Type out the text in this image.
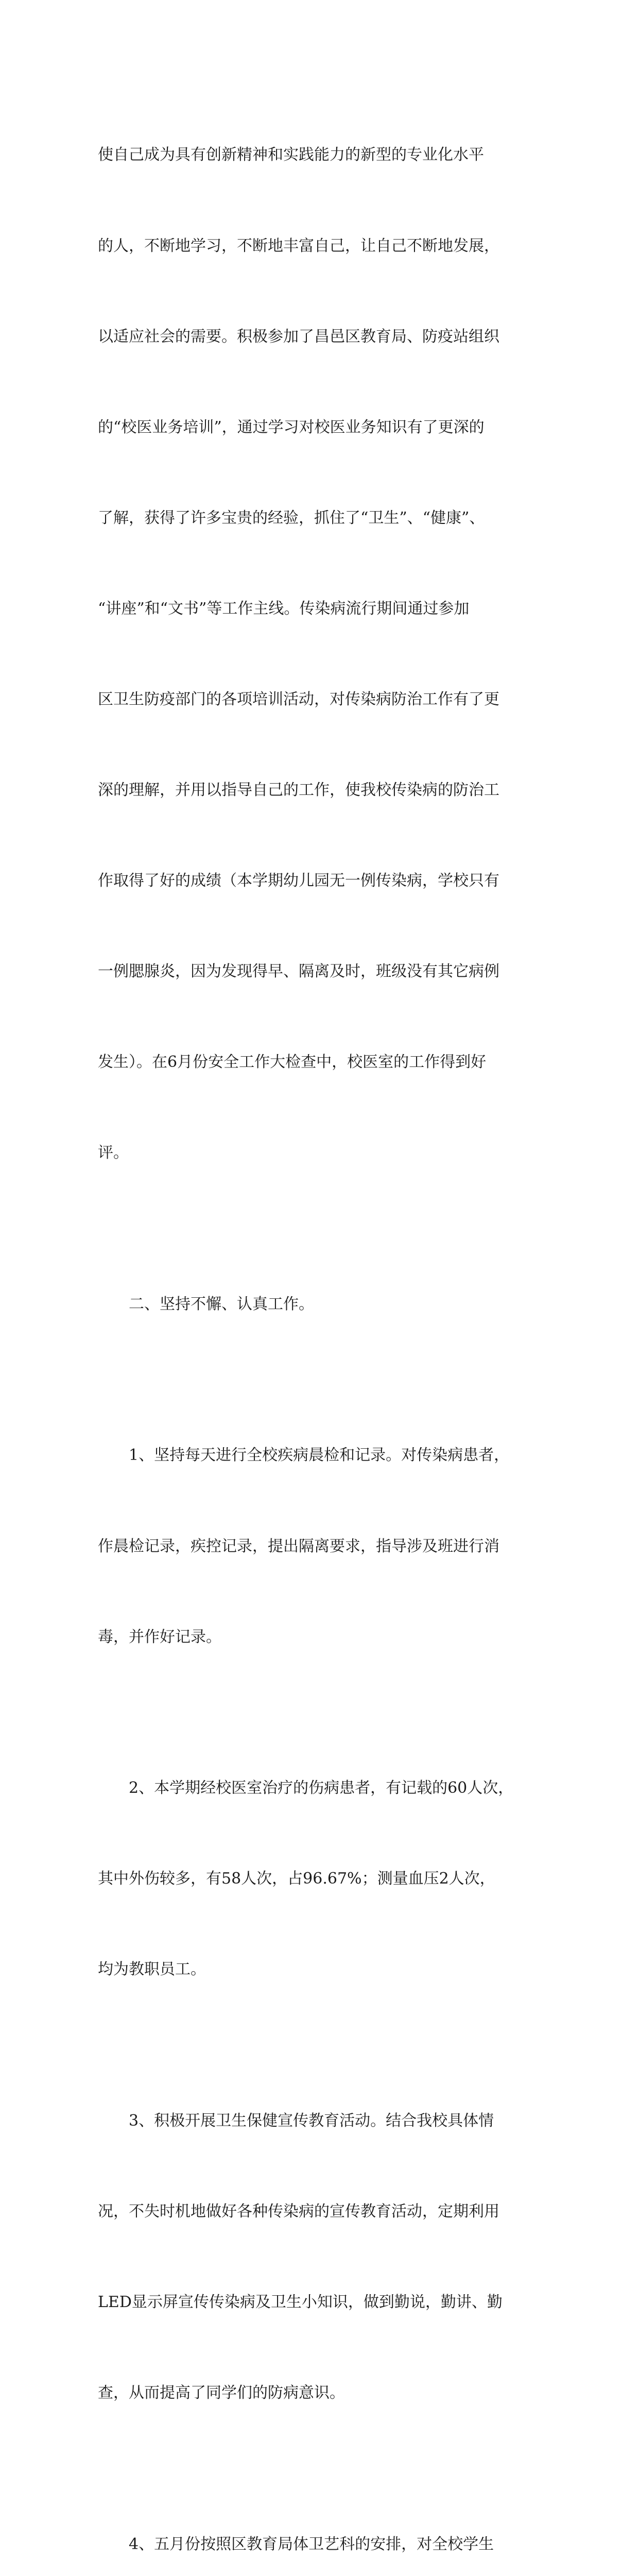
使自己成为具有创新精神和实践能力的新型的专业化水平

的人，不断地学习，不断地丰富自己，让自己不断地发展，

以适应社会的需要。积极参加了昌邑区教育局、防疫站组织

的“校医业务培训”，通过学习对校医业务知识有了更深的

了解，获得了许多宝贵的经验，抓住了“卫生”、“健康”、

“讲座”和“文书”等工作主线。传染病流行期间通过参加

区卫生防疫部门的各项培训活动，对传染病防治工作有了更

深的理解，并用以指导自己的工作，使我校传染病的防治工

作取得了好的成绩（本学期幼儿园无一例传染病，学校只有

一例腮腺炎，因为发现得早、隔离及时，班级没有其它病例

发生）。在6月份安全工作大检查中，校医室的工作得到好

评。

二、坚持不懈、认真工作。

1、坚持每天进行全校疾病晨检和记录。对传染病患者，

作晨检记录，疾控记录，提出隔离要求，指导涉及班进行消

毒，并作好记录。

2、本学期经校医室治疗的伤病患者，有记载的60人次，

其中外伤较多，有58人次，占96.67%；测量血压2人次，

均为教职员工。

3、积极开展卫生保健宣传教育活动。结合我校具体情

况，不失时机地做好各种传染病的宣传教育活动，定期利用

LED显示屏宣传传染病及卫生小知识，做到勤说，勤讲、勤

查，从而提高了同学们的防病意识。

4、五月份按照区教育局体卫艺科的安排，对全校学生
